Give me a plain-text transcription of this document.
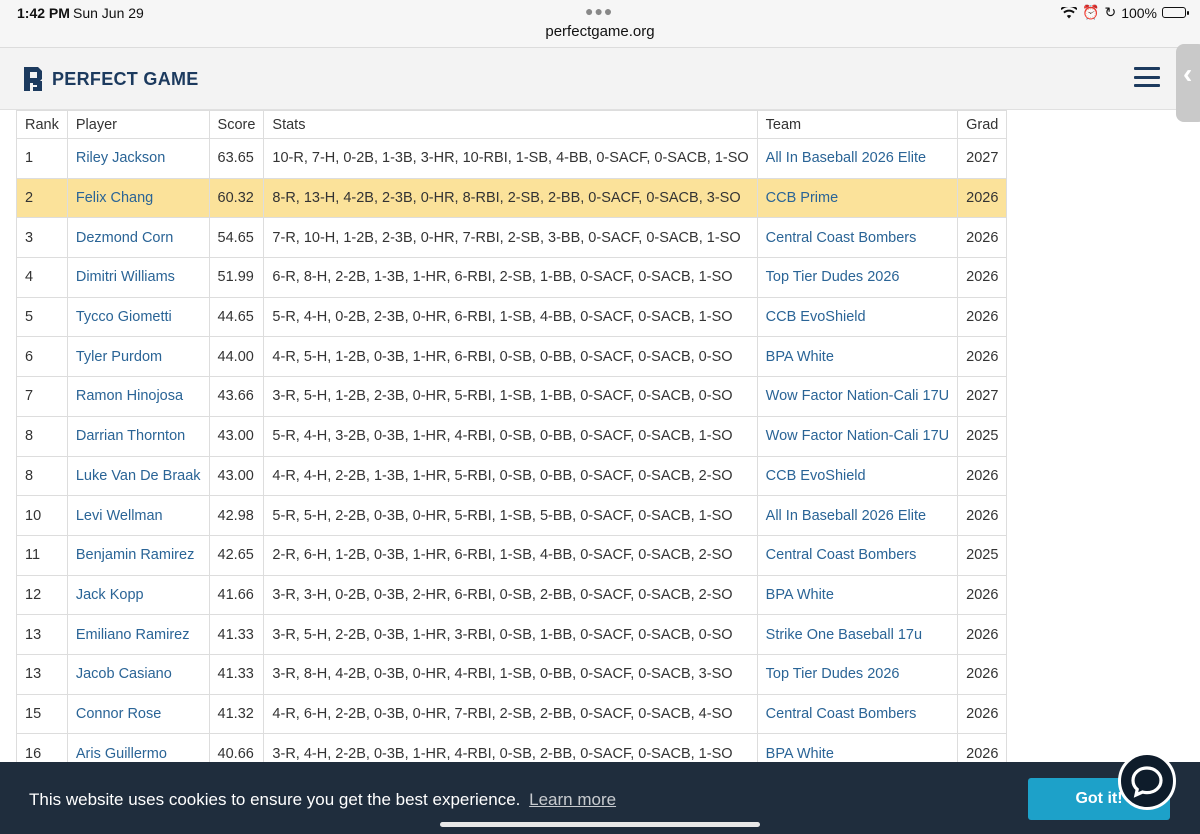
1:42 PM Sun Jun 29	●●●
perfectgame.org
⏰ ↻ 100%
PERFECT GAME	‹
Rank	Player	Score	Stats	Team	Grad
1	Riley Jackson	63.65	10-R, 7-H, 0-2B, 1-3B, 3-HR, 10-RBI, 1-SB, 4-BB, 0-SACF, 0-SACB, 1-SO	All In Baseball 2026 Elite	2027
2	Felix Chang	60.32	8-R, 13-H, 4-2B, 2-3B, 0-HR, 8-RBI, 2-SB, 2-BB, 0-SACF, 0-SACB, 3-SO	CCB Prime	2026
3	Dezmond Corn	54.65	7-R, 10-H, 1-2B, 2-3B, 0-HR, 7-RBI, 2-SB, 3-BB, 0-SACF, 0-SACB, 1-SO	Central Coast Bombers	2026
4	Dimitri Williams	51.99	6-R, 8-H, 2-2B, 1-3B, 1-HR, 6-RBI, 2-SB, 1-BB, 0-SACF, 0-SACB, 1-SO	Top Tier Dudes 2026	2026
5	Tycco Giometti	44.65	5-R, 4-H, 0-2B, 2-3B, 0-HR, 6-RBI, 1-SB, 4-BB, 0-SACF, 0-SACB, 1-SO	CCB EvoShield	2026
6	Tyler Purdom	44.00	4-R, 5-H, 1-2B, 0-3B, 1-HR, 6-RBI, 0-SB, 0-BB, 0-SACF, 0-SACB, 0-SO	BPA White	2026
7	Ramon Hinojosa	43.66	3-R, 5-H, 1-2B, 2-3B, 0-HR, 5-RBI, 1-SB, 1-BB, 0-SACF, 0-SACB, 0-SO	Wow Factor Nation-Cali 17U	2027
8	Darrian Thornton	43.00	5-R, 4-H, 3-2B, 0-3B, 1-HR, 4-RBI, 0-SB, 0-BB, 0-SACF, 0-SACB, 1-SO	Wow Factor Nation-Cali 17U	2025
8	Luke Van De Braak	43.00	4-R, 4-H, 2-2B, 1-3B, 1-HR, 5-RBI, 0-SB, 0-BB, 0-SACF, 0-SACB, 2-SO	CCB EvoShield	2026
10	Levi Wellman	42.98	5-R, 5-H, 2-2B, 0-3B, 0-HR, 5-RBI, 1-SB, 5-BB, 0-SACF, 0-SACB, 1-SO	All In Baseball 2026 Elite	2026
11	Benjamin Ramirez	42.65	2-R, 6-H, 1-2B, 0-3B, 1-HR, 6-RBI, 1-SB, 4-BB, 0-SACF, 0-SACB, 2-SO	Central Coast Bombers	2025
12	Jack Kopp	41.66	3-R, 3-H, 0-2B, 0-3B, 2-HR, 6-RBI, 0-SB, 2-BB, 0-SACF, 0-SACB, 2-SO	BPA White	2026
13	Emiliano Ramirez	41.33	3-R, 5-H, 2-2B, 0-3B, 1-HR, 3-RBI, 0-SB, 1-BB, 0-SACF, 0-SACB, 0-SO	Strike One Baseball 17u	2026
13	Jacob Casiano	41.33	3-R, 8-H, 4-2B, 0-3B, 0-HR, 4-RBI, 1-SB, 0-BB, 0-SACF, 0-SACB, 3-SO	Top Tier Dudes 2026	2026
15	Connor Rose	41.32	4-R, 6-H, 2-2B, 0-3B, 0-HR, 7-RBI, 2-SB, 2-BB, 0-SACF, 0-SACB, 4-SO	Central Coast Bombers	2026
16	Aris Guillermo	40.66	3-R, 4-H, 2-2B, 0-3B, 1-HR, 4-RBI, 0-SB, 2-BB, 0-SACF, 0-SACB, 1-SO	BPA White	2026
This website uses cookies to ensure you get the best experience. Learn more	Got it!
